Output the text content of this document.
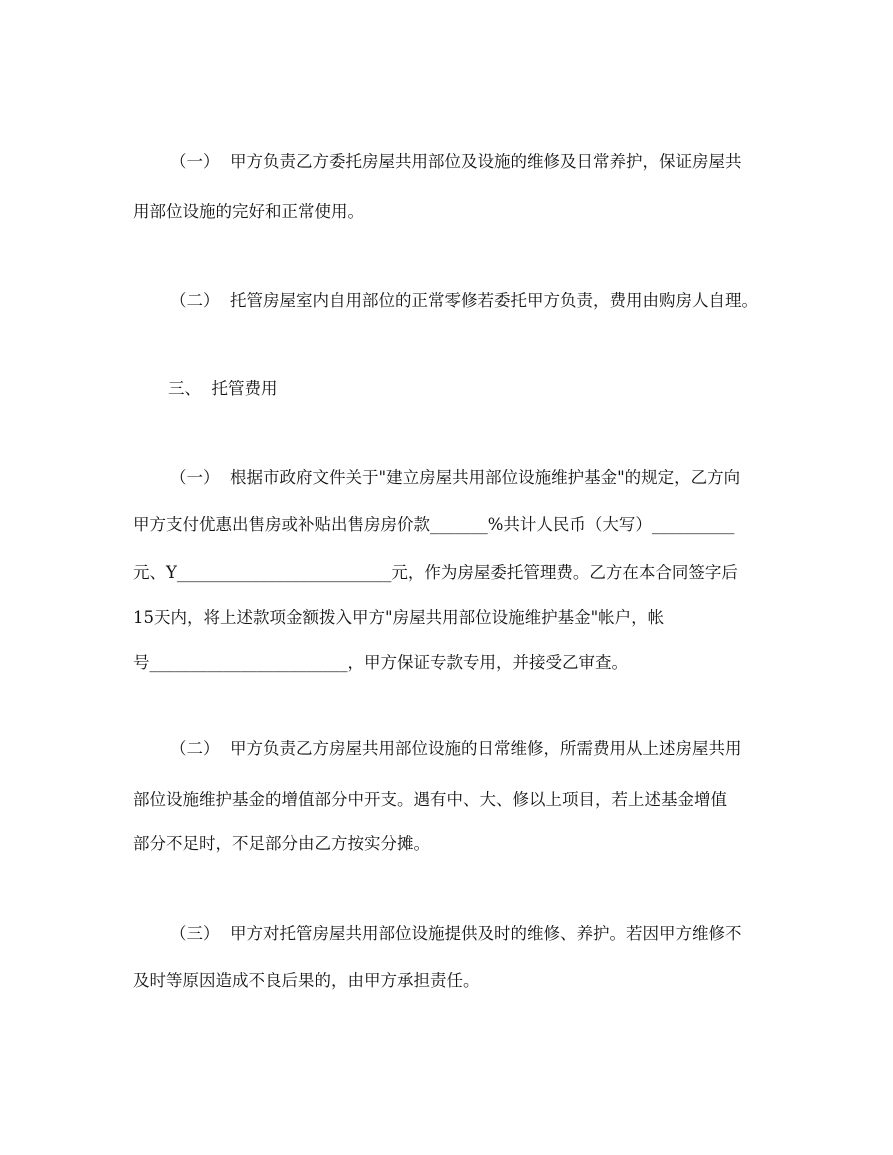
（一）  甲方负责乙方委托房屋共用部位及设施的维修及日常养护，保证房屋共
用部位设施的完好和正常使用。
（二）  托管房屋室内自用部位的正常零修若委托甲方负责，费用由购房人自理。
三、  托管费用
（一）  根据市政府文件关于"建立房屋共用部位设施维护基金"的规定，乙方向
甲方支付优惠出售房或补贴出售房房价款_______%共计人民币（大写）__________
元、Y__________________________元，作为房屋委托管理费。乙方在本合同签字后
15天内，将上述款项金额拨入甲方"房屋共用部位设施维护基金"帐户，帐
号________________________，甲方保证专款专用，并接受乙审查。
（二）  甲方负责乙方房屋共用部位设施的日常维修，所需费用从上述房屋共用
部位设施维护基金的增值部分中开支。遇有中、大、修以上项目，若上述基金增值
部分不足时，不足部分由乙方按实分摊。
（三）  甲方对托管房屋共用部位设施提供及时的维修、养护。若因甲方维修不
及时等原因造成不良后果的，由甲方承担责任。
